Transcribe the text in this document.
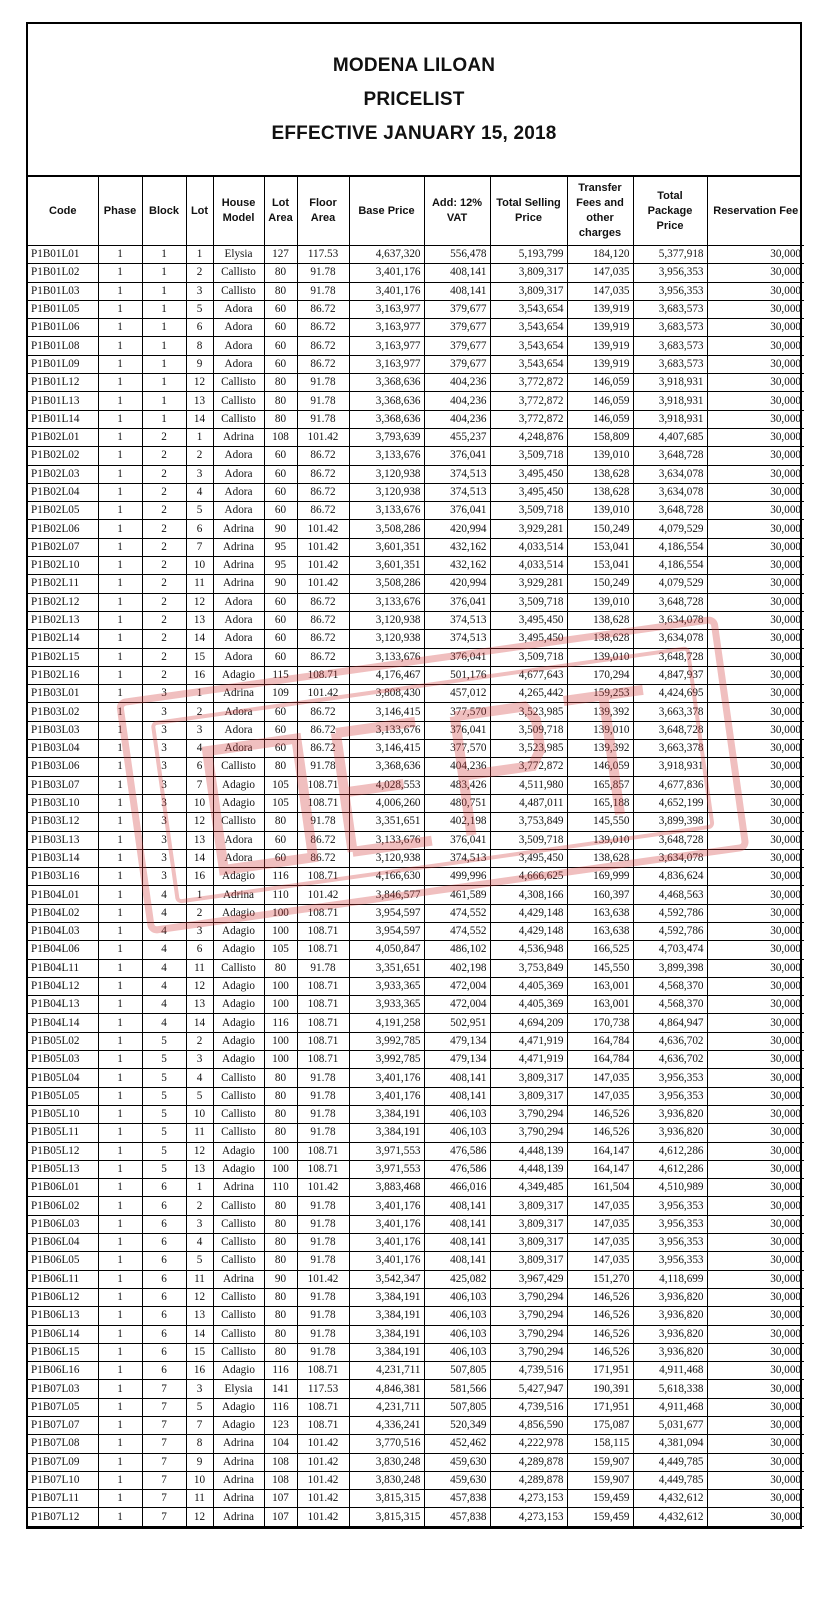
MODENA LILOAN
PRICELIST
EFFECTIVE JANUARY 15, 2018
Code	Phase	Block	Lot	House Model	Lot Area	Floor Area	Base Price	Add: 12% VAT	Total Selling Price	Transfer Fees and other charges	Total Package Price	Reservation Fee
P1B01L01	1	1	1	Elysia	127	117.53	4,637,320	556,478	5,193,799	184,120	5,377,918	30,000
P1B01L02	1	1	2	Callisto	80	91.78	3,401,176	408,141	3,809,317	147,035	3,956,353	30,000
P1B01L03	1	1	3	Callisto	80	91.78	3,401,176	408,141	3,809,317	147,035	3,956,353	30,000
P1B01L05	1	1	5	Adora	60	86.72	3,163,977	379,677	3,543,654	139,919	3,683,573	30,000
P1B01L06	1	1	6	Adora	60	86.72	3,163,977	379,677	3,543,654	139,919	3,683,573	30,000
P1B01L08	1	1	8	Adora	60	86.72	3,163,977	379,677	3,543,654	139,919	3,683,573	30,000
P1B01L09	1	1	9	Adora	60	86.72	3,163,977	379,677	3,543,654	139,919	3,683,573	30,000
P1B01L12	1	1	12	Callisto	80	91.78	3,368,636	404,236	3,772,872	146,059	3,918,931	30,000
P1B01L13	1	1	13	Callisto	80	91.78	3,368,636	404,236	3,772,872	146,059	3,918,931	30,000
P1B01L14	1	1	14	Callisto	80	91.78	3,368,636	404,236	3,772,872	146,059	3,918,931	30,000
P1B02L01	1	2	1	Adrina	108	101.42	3,793,639	455,237	4,248,876	158,809	4,407,685	30,000
P1B02L02	1	2	2	Adora	60	86.72	3,133,676	376,041	3,509,718	139,010	3,648,728	30,000
P1B02L03	1	2	3	Adora	60	86.72	3,120,938	374,513	3,495,450	138,628	3,634,078	30,000
P1B02L04	1	2	4	Adora	60	86.72	3,120,938	374,513	3,495,450	138,628	3,634,078	30,000
P1B02L05	1	2	5	Adora	60	86.72	3,133,676	376,041	3,509,718	139,010	3,648,728	30,000
P1B02L06	1	2	6	Adrina	90	101.42	3,508,286	420,994	3,929,281	150,249	4,079,529	30,000
P1B02L07	1	2	7	Adrina	95	101.42	3,601,351	432,162	4,033,514	153,041	4,186,554	30,000
P1B02L10	1	2	10	Adrina	95	101.42	3,601,351	432,162	4,033,514	153,041	4,186,554	30,000
P1B02L11	1	2	11	Adrina	90	101.42	3,508,286	420,994	3,929,281	150,249	4,079,529	30,000
P1B02L12	1	2	12	Adora	60	86.72	3,133,676	376,041	3,509,718	139,010	3,648,728	30,000
P1B02L13	1	2	13	Adora	60	86.72	3,120,938	374,513	3,495,450	138,628	3,634,078	30,000
P1B02L14	1	2	14	Adora	60	86.72	3,120,938	374,513	3,495,450	138,628	3,634,078	30,000
P1B02L15	1	2	15	Adora	60	86.72	3,133,676	376,041	3,509,718	139,010	3,648,728	30,000
P1B02L16	1	2	16	Adagio	115	108.71	4,176,467	501,176	4,677,643	170,294	4,847,937	30,000
P1B03L01	1	3	1	Adrina	109	101.42	3,808,430	457,012	4,265,442	159,253	4,424,695	30,000
P1B03L02	1	3	2	Adora	60	86.72	3,146,415	377,570	3,523,985	139,392	3,663,378	30,000
P1B03L03	1	3	3	Adora	60	86.72	3,133,676	376,041	3,509,718	139,010	3,648,728	30,000
P1B03L04	1	3	4	Adora	60	86.72	3,146,415	377,570	3,523,985	139,392	3,663,378	30,000
P1B03L06	1	3	6	Callisto	80	91.78	3,368,636	404,236	3,772,872	146,059	3,918,931	30,000
P1B03L07	1	3	7	Adagio	105	108.71	4,028,553	483,426	4,511,980	165,857	4,677,836	30,000
P1B03L10	1	3	10	Adagio	105	108.71	4,006,260	480,751	4,487,011	165,188	4,652,199	30,000
P1B03L12	1	3	12	Callisto	80	91.78	3,351,651	402,198	3,753,849	145,550	3,899,398	30,000
P1B03L13	1	3	13	Adora	60	86.72	3,133,676	376,041	3,509,718	139,010	3,648,728	30,000
P1B03L14	1	3	14	Adora	60	86.72	3,120,938	374,513	3,495,450	138,628	3,634,078	30,000
P1B03L16	1	3	16	Adagio	116	108.71	4,166,630	499,996	4,666,625	169,999	4,836,624	30,000
P1B04L01	1	4	1	Adrina	110	101.42	3,846,577	461,589	4,308,166	160,397	4,468,563	30,000
P1B04L02	1	4	2	Adagio	100	108.71	3,954,597	474,552	4,429,148	163,638	4,592,786	30,000
P1B04L03	1	4	3	Adagio	100	108.71	3,954,597	474,552	4,429,148	163,638	4,592,786	30,000
P1B04L06	1	4	6	Adagio	105	108.71	4,050,847	486,102	4,536,948	166,525	4,703,474	30,000
P1B04L11	1	4	11	Callisto	80	91.78	3,351,651	402,198	3,753,849	145,550	3,899,398	30,000
P1B04L12	1	4	12	Adagio	100	108.71	3,933,365	472,004	4,405,369	163,001	4,568,370	30,000
P1B04L13	1	4	13	Adagio	100	108.71	3,933,365	472,004	4,405,369	163,001	4,568,370	30,000
P1B04L14	1	4	14	Adagio	116	108.71	4,191,258	502,951	4,694,209	170,738	4,864,947	30,000
P1B05L02	1	5	2	Adagio	100	108.71	3,992,785	479,134	4,471,919	164,784	4,636,702	30,000
P1B05L03	1	5	3	Adagio	100	108.71	3,992,785	479,134	4,471,919	164,784	4,636,702	30,000
P1B05L04	1	5	4	Callisto	80	91.78	3,401,176	408,141	3,809,317	147,035	3,956,353	30,000
P1B05L05	1	5	5	Callisto	80	91.78	3,401,176	408,141	3,809,317	147,035	3,956,353	30,000
P1B05L10	1	5	10	Callisto	80	91.78	3,384,191	406,103	3,790,294	146,526	3,936,820	30,000
P1B05L11	1	5	11	Callisto	80	91.78	3,384,191	406,103	3,790,294	146,526	3,936,820	30,000
P1B05L12	1	5	12	Adagio	100	108.71	3,971,553	476,586	4,448,139	164,147	4,612,286	30,000
P1B05L13	1	5	13	Adagio	100	108.71	3,971,553	476,586	4,448,139	164,147	4,612,286	30,000
P1B06L01	1	6	1	Adrina	110	101.42	3,883,468	466,016	4,349,485	161,504	4,510,989	30,000
P1B06L02	1	6	2	Callisto	80	91.78	3,401,176	408,141	3,809,317	147,035	3,956,353	30,000
P1B06L03	1	6	3	Callisto	80	91.78	3,401,176	408,141	3,809,317	147,035	3,956,353	30,000
P1B06L04	1	6	4	Callisto	80	91.78	3,401,176	408,141	3,809,317	147,035	3,956,353	30,000
P1B06L05	1	6	5	Callisto	80	91.78	3,401,176	408,141	3,809,317	147,035	3,956,353	30,000
P1B06L11	1	6	11	Adrina	90	101.42	3,542,347	425,082	3,967,429	151,270	4,118,699	30,000
P1B06L12	1	6	12	Callisto	80	91.78	3,384,191	406,103	3,790,294	146,526	3,936,820	30,000
P1B06L13	1	6	13	Callisto	80	91.78	3,384,191	406,103	3,790,294	146,526	3,936,820	30,000
P1B06L14	1	6	14	Callisto	80	91.78	3,384,191	406,103	3,790,294	146,526	3,936,820	30,000
P1B06L15	1	6	15	Callisto	80	91.78	3,384,191	406,103	3,790,294	146,526	3,936,820	30,000
P1B06L16	1	6	16	Adagio	116	108.71	4,231,711	507,805	4,739,516	171,951	4,911,468	30,000
P1B07L03	1	7	3	Elysia	141	117.53	4,846,381	581,566	5,427,947	190,391	5,618,338	30,000
P1B07L05	1	7	5	Adagio	116	108.71	4,231,711	507,805	4,739,516	171,951	4,911,468	30,000
P1B07L07	1	7	7	Adagio	123	108.71	4,336,241	520,349	4,856,590	175,087	5,031,677	30,000
P1B07L08	1	7	8	Adrina	104	101.42	3,770,516	452,462	4,222,978	158,115	4,381,094	30,000
P1B07L09	1	7	9	Adrina	108	101.42	3,830,248	459,630	4,289,878	159,907	4,449,785	30,000
P1B07L10	1	7	10	Adrina	108	101.42	3,830,248	459,630	4,289,878	159,907	4,449,785	30,000
P1B07L11	1	7	11	Adrina	107	101.42	3,815,315	457,838	4,273,153	159,459	4,432,612	30,000
P1B07L12	1	7	12	Adrina	107	101.42	3,815,315	457,838	4,273,153	159,459	4,432,612	30,000
